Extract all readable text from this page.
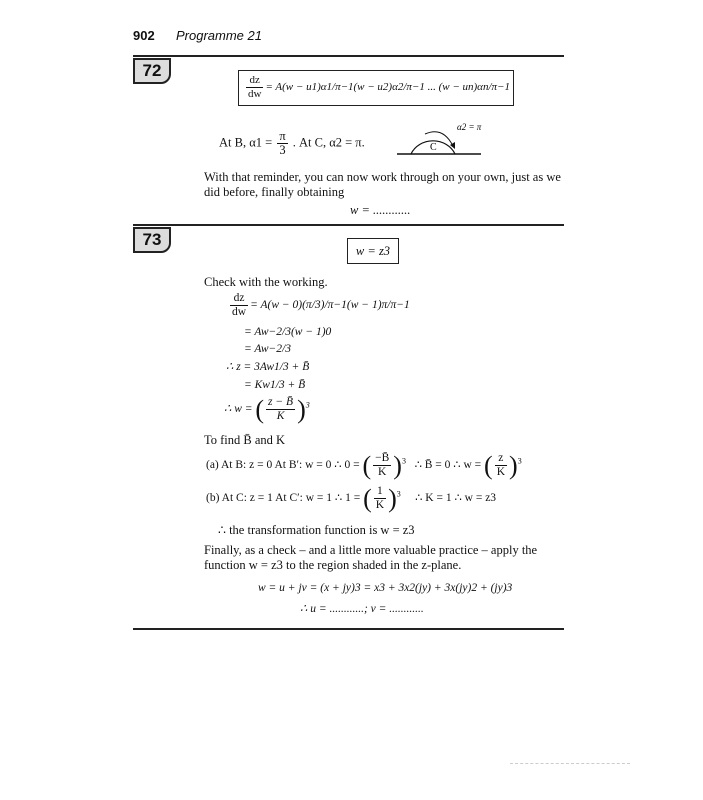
902 Programme 21
72
$\frac{dz}{dw} = A(w - u1)\alpha 1/\pi-1(w - u2)\alpha 2/\pi-1$ ... (w − un)αn/π−1
At B, $\alpha 1 = \frac{\pi}{3}$ . At C, α2 = π.
α2 = π
C
With that reminder, you can now work through on your own, just as we did before, finally obtaining
w = ............
73
w = z3
Check with the working.
$\frac{dz}{dw} = A(w - 0)(\pi/3)/\pi-1(w - 1)\pi/\pi-1$
= Aw−2/3(w − 1)0
= Aw−2/3
∴ z = 3Aw1/3 + B̄
= Kw1/3 + B̄
∴ w = ( $\frac{z - B̄}{K} )^3$
To find B̄ and K
(a) At B: z = 0 At B′: w = 0 ∴ 0 = ( $\frac{-B̄}{K} )^3$ ∴ B̄ = 0 ∴ w = ( $\frac{z}{K} )^3$
(b) At C: z = 1 At C′: w = 1 ∴ 1 = ( $\frac{1}{K} )^3$ ∴ K = 1 ∴ w = z3
∴ the transformation function is w = z3
Finally, as a check – and a little more valuable practice – apply the function w = z3 to the region shaded in the z-plane.
w = u + jv = (x + jy)3 = x3 + 3x2(jy) + 3x(jy)2 + (jy)3
∴ u = ............; v = ............
